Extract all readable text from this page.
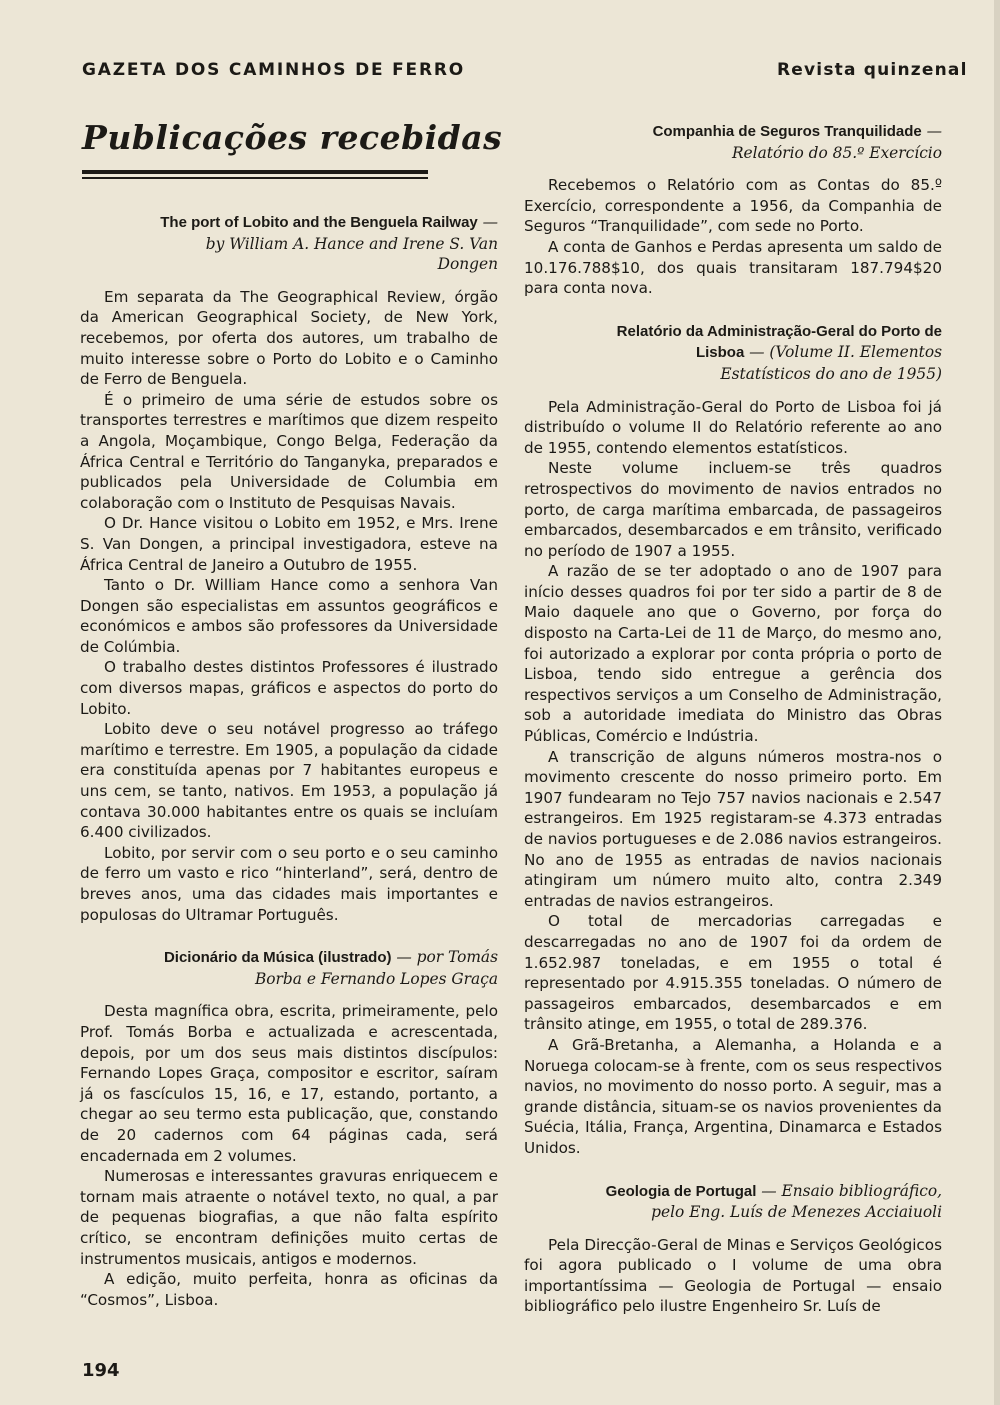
GAZETA DOS CAMINHOS DE FERRO	Revista quinzenal
Publicações recebidas
The port of Lobito and the Benguela Railway — by William A. Hance and Irene S. Van Dongen

Em separata da The Geographical Review, órgão da American Geographical Society, de New York, recebemos, por oferta dos autores, um trabalho de muito interesse sobre o Porto do Lobito e o Caminho de Ferro de Benguela.

É o primeiro de uma série de estudos sobre os transportes terrestres e marítimos que dizem respeito a Angola, Moçambique, Congo Belga, Federação da África Central e Território do Tanganyka, preparados e publicados pela Universidade de Columbia em colaboração com o Instituto de Pesquisas Navais.

O Dr. Hance visitou o Lobito em 1952, e Mrs. Irene S. Van Dongen, a principal investigadora, esteve na África Central de Janeiro a Outubro de 1955.

Tanto o Dr. William Hance como a senhora Van Dongen são especialistas em assuntos geográficos e económicos e ambos são professores da Universidade de Colúmbia.

O trabalho destes distintos Professores é ilustrado com diversos mapas, gráficos e aspectos do porto do Lobito.

Lobito deve o seu notável progresso ao tráfego marítimo e terrestre. Em 1905, a população da cidade era constituída apenas por 7 habitantes europeus e uns cem, se tanto, nativos. Em 1953, a população já contava 30.000 habitantes entre os quais se incluíam 6.400 civilizados.

Lobito, por servir com o seu porto e o seu caminho de ferro um vasto e rico “hinterland”, será, dentro de breves anos, uma das cidades mais importantes e populosas do Ultramar Português.

Dicionário da Música (ilustrado) — por Tomás Borba e Fernando Lopes Graça

Desta magnífica obra, escrita, primeiramente, pelo Prof. Tomás Borba e actualizada e acrescentada, depois, por um dos seus mais distintos discípulos: Fernando Lopes Graça, compositor e escritor, saíram já os fascículos 15, 16, e 17, estando, portanto, a chegar ao seu termo esta publicação, que, constando de 20 cadernos com 64 páginas cada, será encadernada em 2 volumes.

Numerosas e interessantes gravuras enriquecem e tornam mais atraente o notável texto, no qual, a par de pequenas biografias, a que não falta espírito crítico, se encontram definições muito certas de instrumentos musicais, antigos e modernos.

A edição, muito perfeita, honra as oficinas da “Cosmos”, Lisboa.

Companhia de Seguros Tranquilidade — Relatório do 85.º Exercício

Recebemos o Relatório com as Contas do 85.º Exercício, correspondente a 1956, da Companhia de Seguros “Tranquilidade”, com sede no Porto.

A conta de Ganhos e Perdas apresenta um saldo de 10.176.788$10, dos quais transitaram 187.794$20 para conta nova.

Relatório da Administração-Geral do Porto de Lisboa — (Volume II. Elementos Estatísticos do ano de 1955)

Pela Administração-Geral do Porto de Lisboa foi já distribuído o volume II do Relatório referente ao ano de 1955, contendo elementos estatísticos.

Neste volume incluem-se três quadros retrospectivos do movimento de navios entrados no porto, de carga marítima embarcada, de passageiros embarcados, desembarcados e em trânsito, verificado no período de 1907 a 1955.

A razão de se ter adoptado o ano de 1907 para início desses quadros foi por ter sido a partir de 8 de Maio daquele ano que o Governo, por força do disposto na Carta-Lei de 11 de Março, do mesmo ano, foi autorizado a explorar por conta própria o porto de Lisboa, tendo sido entregue a gerência dos respectivos serviços a um Conselho de Administração, sob a autoridade imediata do Ministro das Obras Públicas, Comércio e Indústria.

A transcrição de alguns números mostra-nos o movimento crescente do nosso primeiro porto. Em 1907 fundearam no Tejo 757 navios nacionais e 2.547 estrangeiros. Em 1925 registaram-se 4.373 entradas de navios portugueses e de 2.086 navios estrangeiros. No ano de 1955 as entradas de navios nacionais atingiram um número muito alto, contra 2.349 entradas de navios estrangeiros.

O total de mercadorias carregadas e descarregadas no ano de 1907 foi da ordem de 1.652.987 toneladas, e em 1955 o total é representado por 4.915.355 toneladas. O número de passageiros embarcados, desembarcados e em trânsito atinge, em 1955, o total de 289.376.

A Grã-Bretanha, a Alemanha, a Holanda e a Noruega colocam-se à frente, com os seus respectivos navios, no movimento do nosso porto. A seguir, mas a grande distância, situam-se os navios provenientes da Suécia, Itália, França, Argentina, Dinamarca e Estados Unidos.

Geologia de Portugal — Ensaio bibliográfico, pelo Eng. Luís de Menezes Acciaiuoli

Pela Direcção-Geral de Minas e Serviços Geológicos foi agora publicado o I volume de uma obra importantíssima — Geologia de Portugal — ensaio bibliográfico pelo ilustre Engenheiro Sr. Luís de

194
